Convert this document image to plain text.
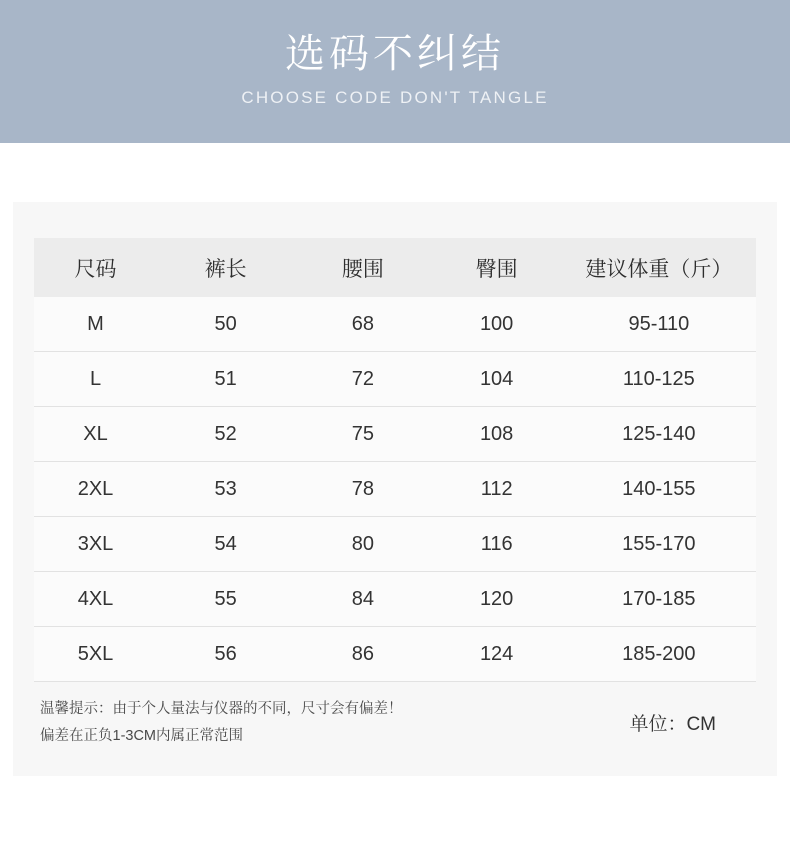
选码不纠结
CHOOSE CODE DON'T TANGLE
尺码	裤长	腰围	臀围	建议体重（斤）
M	50	68	100	95-110
L	51	72	104	110-125
XL	52	75	108	125-140
2XL	53	78	112	140-155
3XL	54	80	116	155-170
4XL	55	84	120	170-185
5XL	56	86	124	185-200
温馨提示：由于个人量法与仪器的不同，尺寸会有偏差！
偏差在正负1-3CM内属正常范围
单位：CM
